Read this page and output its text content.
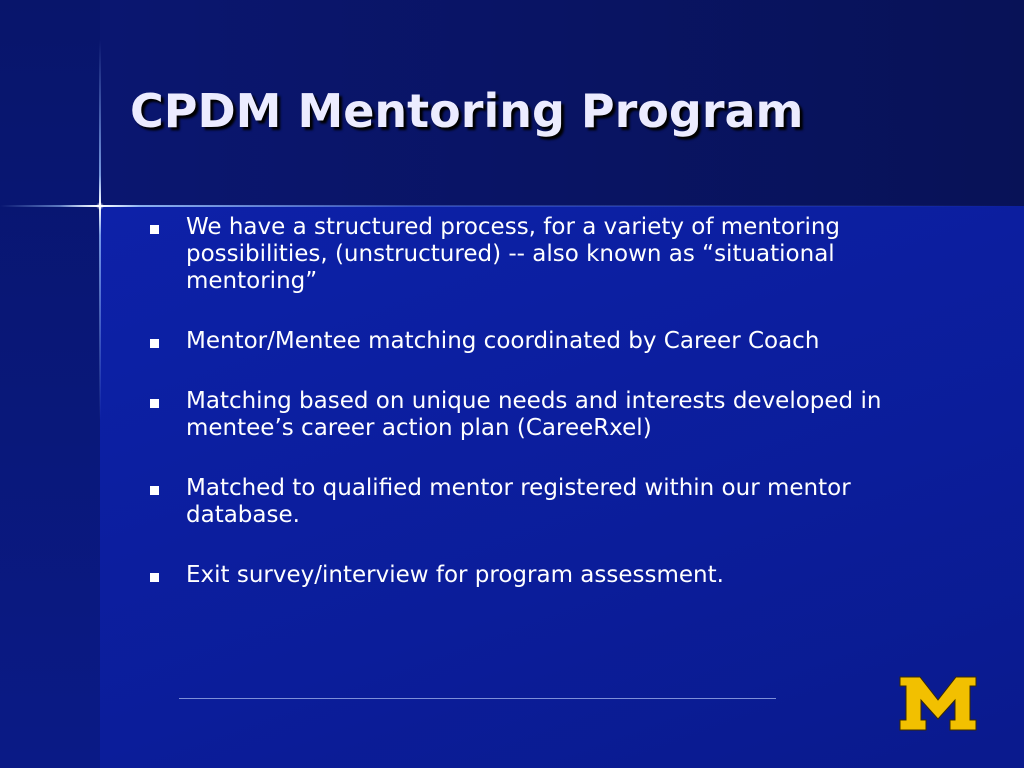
CPDM Mentoring Program
We have a structured process, for a variety of mentoring possibilities, (unstructured) -- also known as “situational mentoring”
Mentor/Mentee matching coordinated by Career Coach
Matching based on unique needs and interests developed in mentee’s career action plan (CareeRxel)
Matched to qualified mentor registered within our mentor database.
Exit survey/interview for program assessment.
M
